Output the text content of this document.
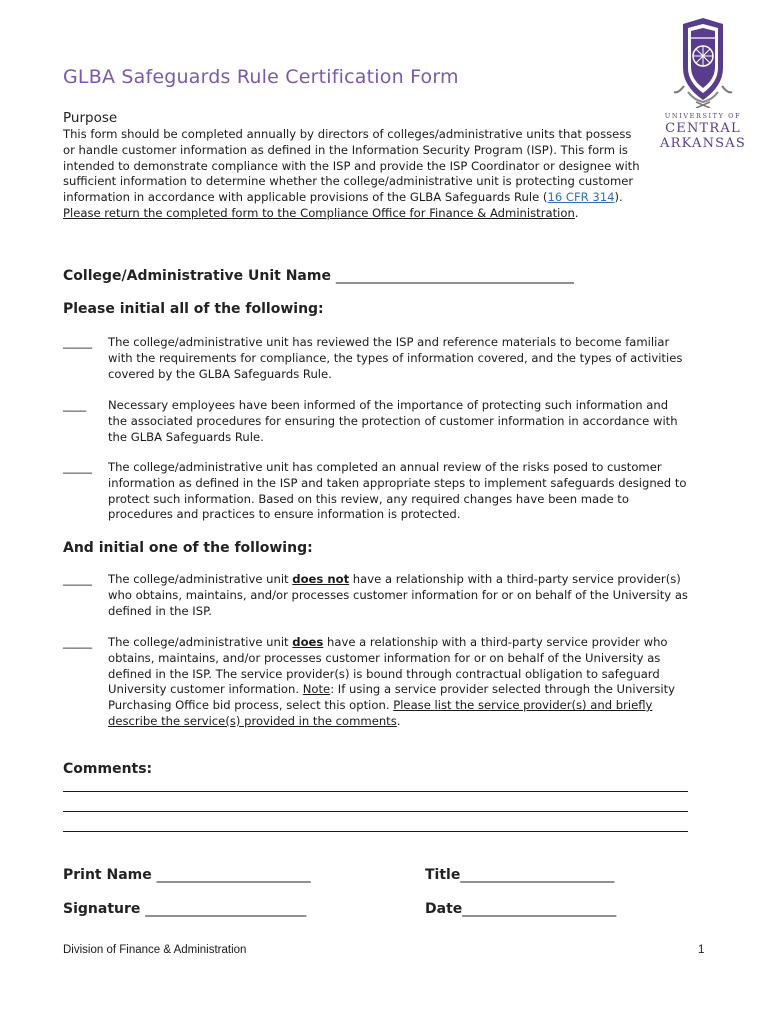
UNIVERSITY OF
CENTRAL
ARKANSAS
GLBA Safeguards Rule Certification Form
Purpose

This form should be completed annually by directors of colleges/administrative units that possess or handle customer information as defined in the Information Security Program (ISP). This form is intended to demonstrate compliance with the ISP and provide the ISP Coordinator or designee with sufficient information to determine whether the college/administrative unit is protecting customer information in accordance with applicable provisions of the GLBA Safeguards Rule (16 CFR 314). Please return the completed form to the Compliance Office for Finance & Administration.

College/Administrative Unit Name __________________________________
Please initial all of the following:
_____ The college/administrative unit has reviewed the ISP and reference materials to become familiar with the requirements for compliance, the types of information covered, and the types of activities covered by the GLBA Safeguards Rule.
____ Necessary employees have been informed of the importance of protecting such information and the associated procedures for ensuring the protection of customer information in accordance with the GLBA Safeguards Rule.
_____ The college/administrative unit has completed an annual review of the risks posed to customer information as defined in the ISP and taken appropriate steps to implement safeguards designed to protect such information. Based on this review, any required changes have been made to procedures and practices to ensure information is protected.
And initial one of the following:
_____ The college/administrative unit does not have a relationship with a third-party service provider(s) who obtains, maintains, and/or processes customer information for or on behalf of the University as defined in the ISP.
_____ The college/administrative unit does have a relationship with a third-party service provider who obtains, maintains, and/or processes customer information for or on behalf of the University as defined in the ISP. The service provider(s) is bound through contractual obligation to safeguard University customer information. Note: If using a service provider selected through the University Purchasing Office bid process, select this option. Please list the service provider(s) and briefly describe the service(s) provided in the comments.
Comments:
Print Name ______________________	Title______________________
Signature _______________________	Date______________________
Division of Finance & Administration	1
